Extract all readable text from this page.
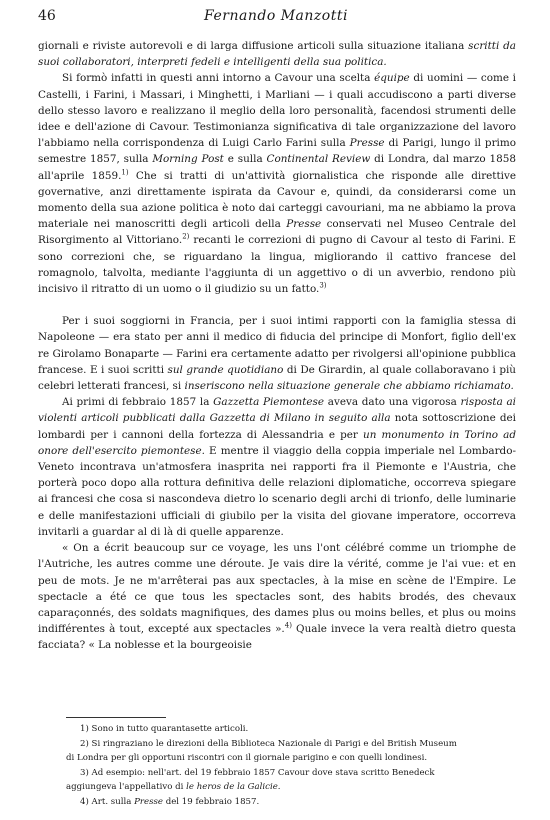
46	Fernando Manzotti

giornali e riviste autorevoli e di larga diffusione articoli sulla situazione italiana scritti da suoi collaboratori, interpreti fedeli e intelligenti della sua politica.

Si formò infatti in questi anni intorno a Cavour una scelta équipe di uomini — come i Castelli, i Farini, i Massari, i Minghetti, i Marliani — i quali accudiscono a parti diverse dello stesso lavoro e realizzano il meglio della loro personalità, facendosi strumenti delle idee e dell'azione di Cavour. Testimonianza significativa di tale organizzazione del lavoro l'abbiamo nella corrispondenza di Luigi Carlo Farini sulla Presse di Parigi, lungo il primo semestre 1857, sulla Morning Post e sulla Continental Review di Londra, dal marzo 1858 all'aprile 1859.$^{1)}$ Che si tratti di un'attività giornalistica che risponde alle direttive governative, anzi direttamente ispirata da Cavour e, quindi, da considerarsi come un momento della sua azione politica è noto dai carteggi cavouriani, ma ne abbiamo la prova materiale nei manoscritti degli articoli della Presse conservati nel Museo Centrale del Risorgimento al Vittoriano.$^{2)}$ recanti le correzioni di pugno di Cavour al testo di Farini. E sono correzioni che, se riguardano la lingua, migliorando il cattivo francese del romagnolo, talvolta, mediante l'aggiunta di un aggettivo o di un avverbio, rendono più incisivo il ritratto di un uomo o il giudizio su un fatto.$^{3)}$

Per i suoi soggiorni in Francia, per i suoi intimi rapporti con la famiglia stessa di Napoleone — era stato per anni il medico di fiducia del principe di Monfort, figlio dell'ex re Girolamo Bonaparte — Farini era certamente adatto per rivolgersi all'opinione pubblica francese. E i suoi scritti sul grande quotidiano di De Girardin, al quale collaboravano i più celebri letterati francesi, si inseriscono nella situazione generale che abbiamo richiamato.

Ai primi di febbraio 1857 la Gazzetta Piemontese aveva dato una vigorosa risposta ai violenti articoli pubblicati dalla Gazzetta di Milano in seguito alla nota sottoscrizione dei lombardi per i cannoni della fortezza di Alessandria e per un monumento in Torino ad onore dell'esercito piemontese. E mentre il viaggio della coppia imperiale nel Lombardo-Veneto incontrava un'atmosfera inasprita nei rapporti fra il Piemonte e l'Austria, che porterà poco dopo alla rottura definitiva delle relazioni diplomatiche, occorreva spiegare ai francesi che cosa si nascondeva dietro lo scenario degli archi di trionfo, delle luminarie e delle manifestazioni ufficiali di giubilo per la visita del giovane imperatore, occorreva invitarli a guardar al di là di quelle apparenze.

« On a écrit beaucoup sur ce voyage, les uns l'ont célébré comme un triomphe de l'Autriche, les autres comme une déroute. Je vais dire la vérité, comme je l'ai vue: et en peu de mots. Je ne m'arrêterai pas aux spectacles, à la mise en scène de l'Empire. Le spectacle a été ce que tous les spectacles sont, des habits brodés, des chevaux caparaçonnés, des soldats magnifiques, des dames plus ou moins belles, et plus ou moins indifférentes à tout, excepté aux spectacles ».$^{4)}$ Quale invece la vera realtà dietro questa facciata? « La noblesse et la bourgeoisie

1) Sono in tutto quarantasette articoli.

2) Si ringraziano le direzioni della Biblioteca Nazionale di Parigi e del British Museum

di Londra per gli opportuni riscontri con il giornale parigino e con quelli londinesi.

3) Ad esempio: nell'art. del 19 febbraio 1857 Cavour dove stava scritto Benedeck

aggiungeva l'appellativo di le heros de la Galicie.

4) Art. sulla Presse del 19 febbraio 1857.
